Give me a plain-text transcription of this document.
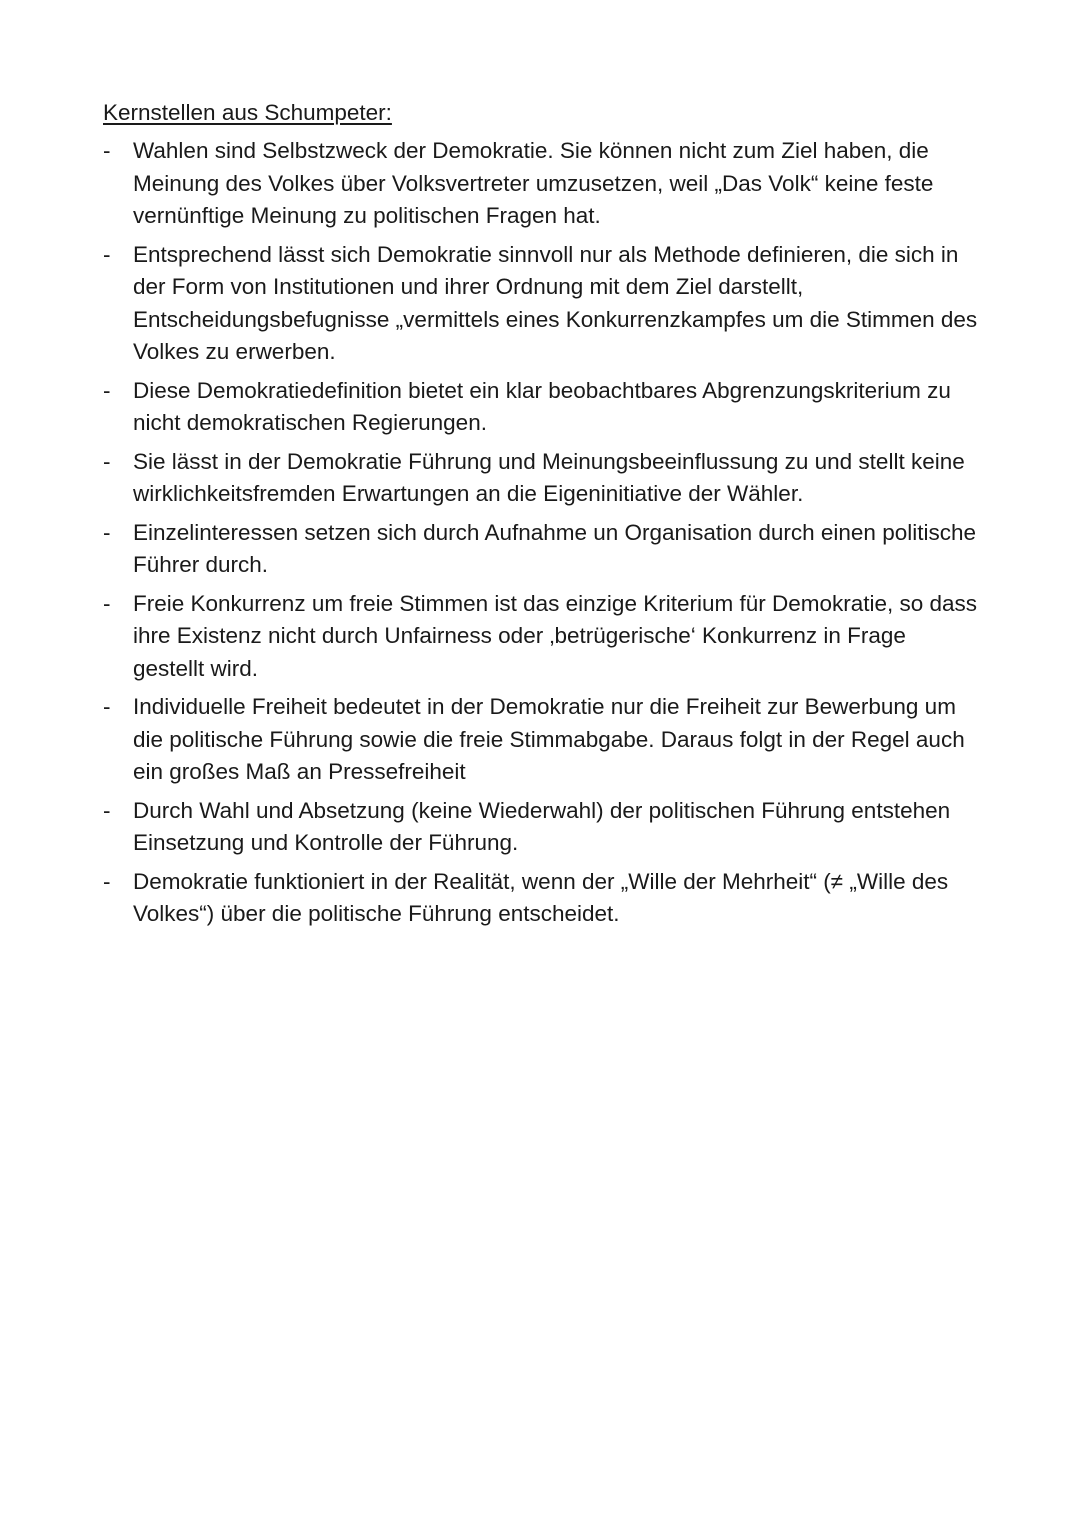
Kernstellen aus Schumpeter:
-	Wahlen sind Selbstzweck der Demokratie. Sie können nicht zum Ziel haben, die Meinung des Volkes über Volksvertreter umzusetzen, weil „Das Volk“ keine feste vernünftige Meinung zu politischen Fragen hat.
-	Entsprechend lässt sich Demokratie sinnvoll nur als Methode definieren, die sich in der Form von Institutionen und ihrer Ordnung mit dem Ziel darstellt, Entscheidungsbefugnisse „vermittels eines Konkurrenzkampfes um die Stimmen des Volkes zu erwerben.
-	Diese Demokratiedefinition bietet ein klar beobachtbares Abgrenzungskriterium zu nicht demokratischen Regierungen.
-	Sie lässt in der Demokratie Führung und Meinungsbeeinflussung zu und stellt keine wirklichkeitsfremden Erwartungen an die Eigeninitiative der Wähler.
-	Einzelinteressen setzen sich durch Aufnahme un Organisation durch einen politische Führer durch.
-	Freie Konkurrenz um freie Stimmen ist das einzige Kriterium für Demokratie, so dass ihre Existenz nicht durch Unfairness oder ‚betrügerische‘ Konkurrenz in Frage gestellt wird.
-	Individuelle Freiheit bedeutet in der Demokratie nur die Freiheit zur Bewerbung um die politische Führung sowie die freie Stimmabgabe. Daraus folgt in der Regel auch ein großes Maß an Pressefreiheit
-	Durch Wahl und Absetzung (keine Wiederwahl) der politischen Führung entstehen Einsetzung und Kontrolle der Führung.
-	Demokratie funktioniert in der Realität, wenn der „Wille der Mehrheit“ (≠ „Wille des Volkes“) über die politische Führung entscheidet.
